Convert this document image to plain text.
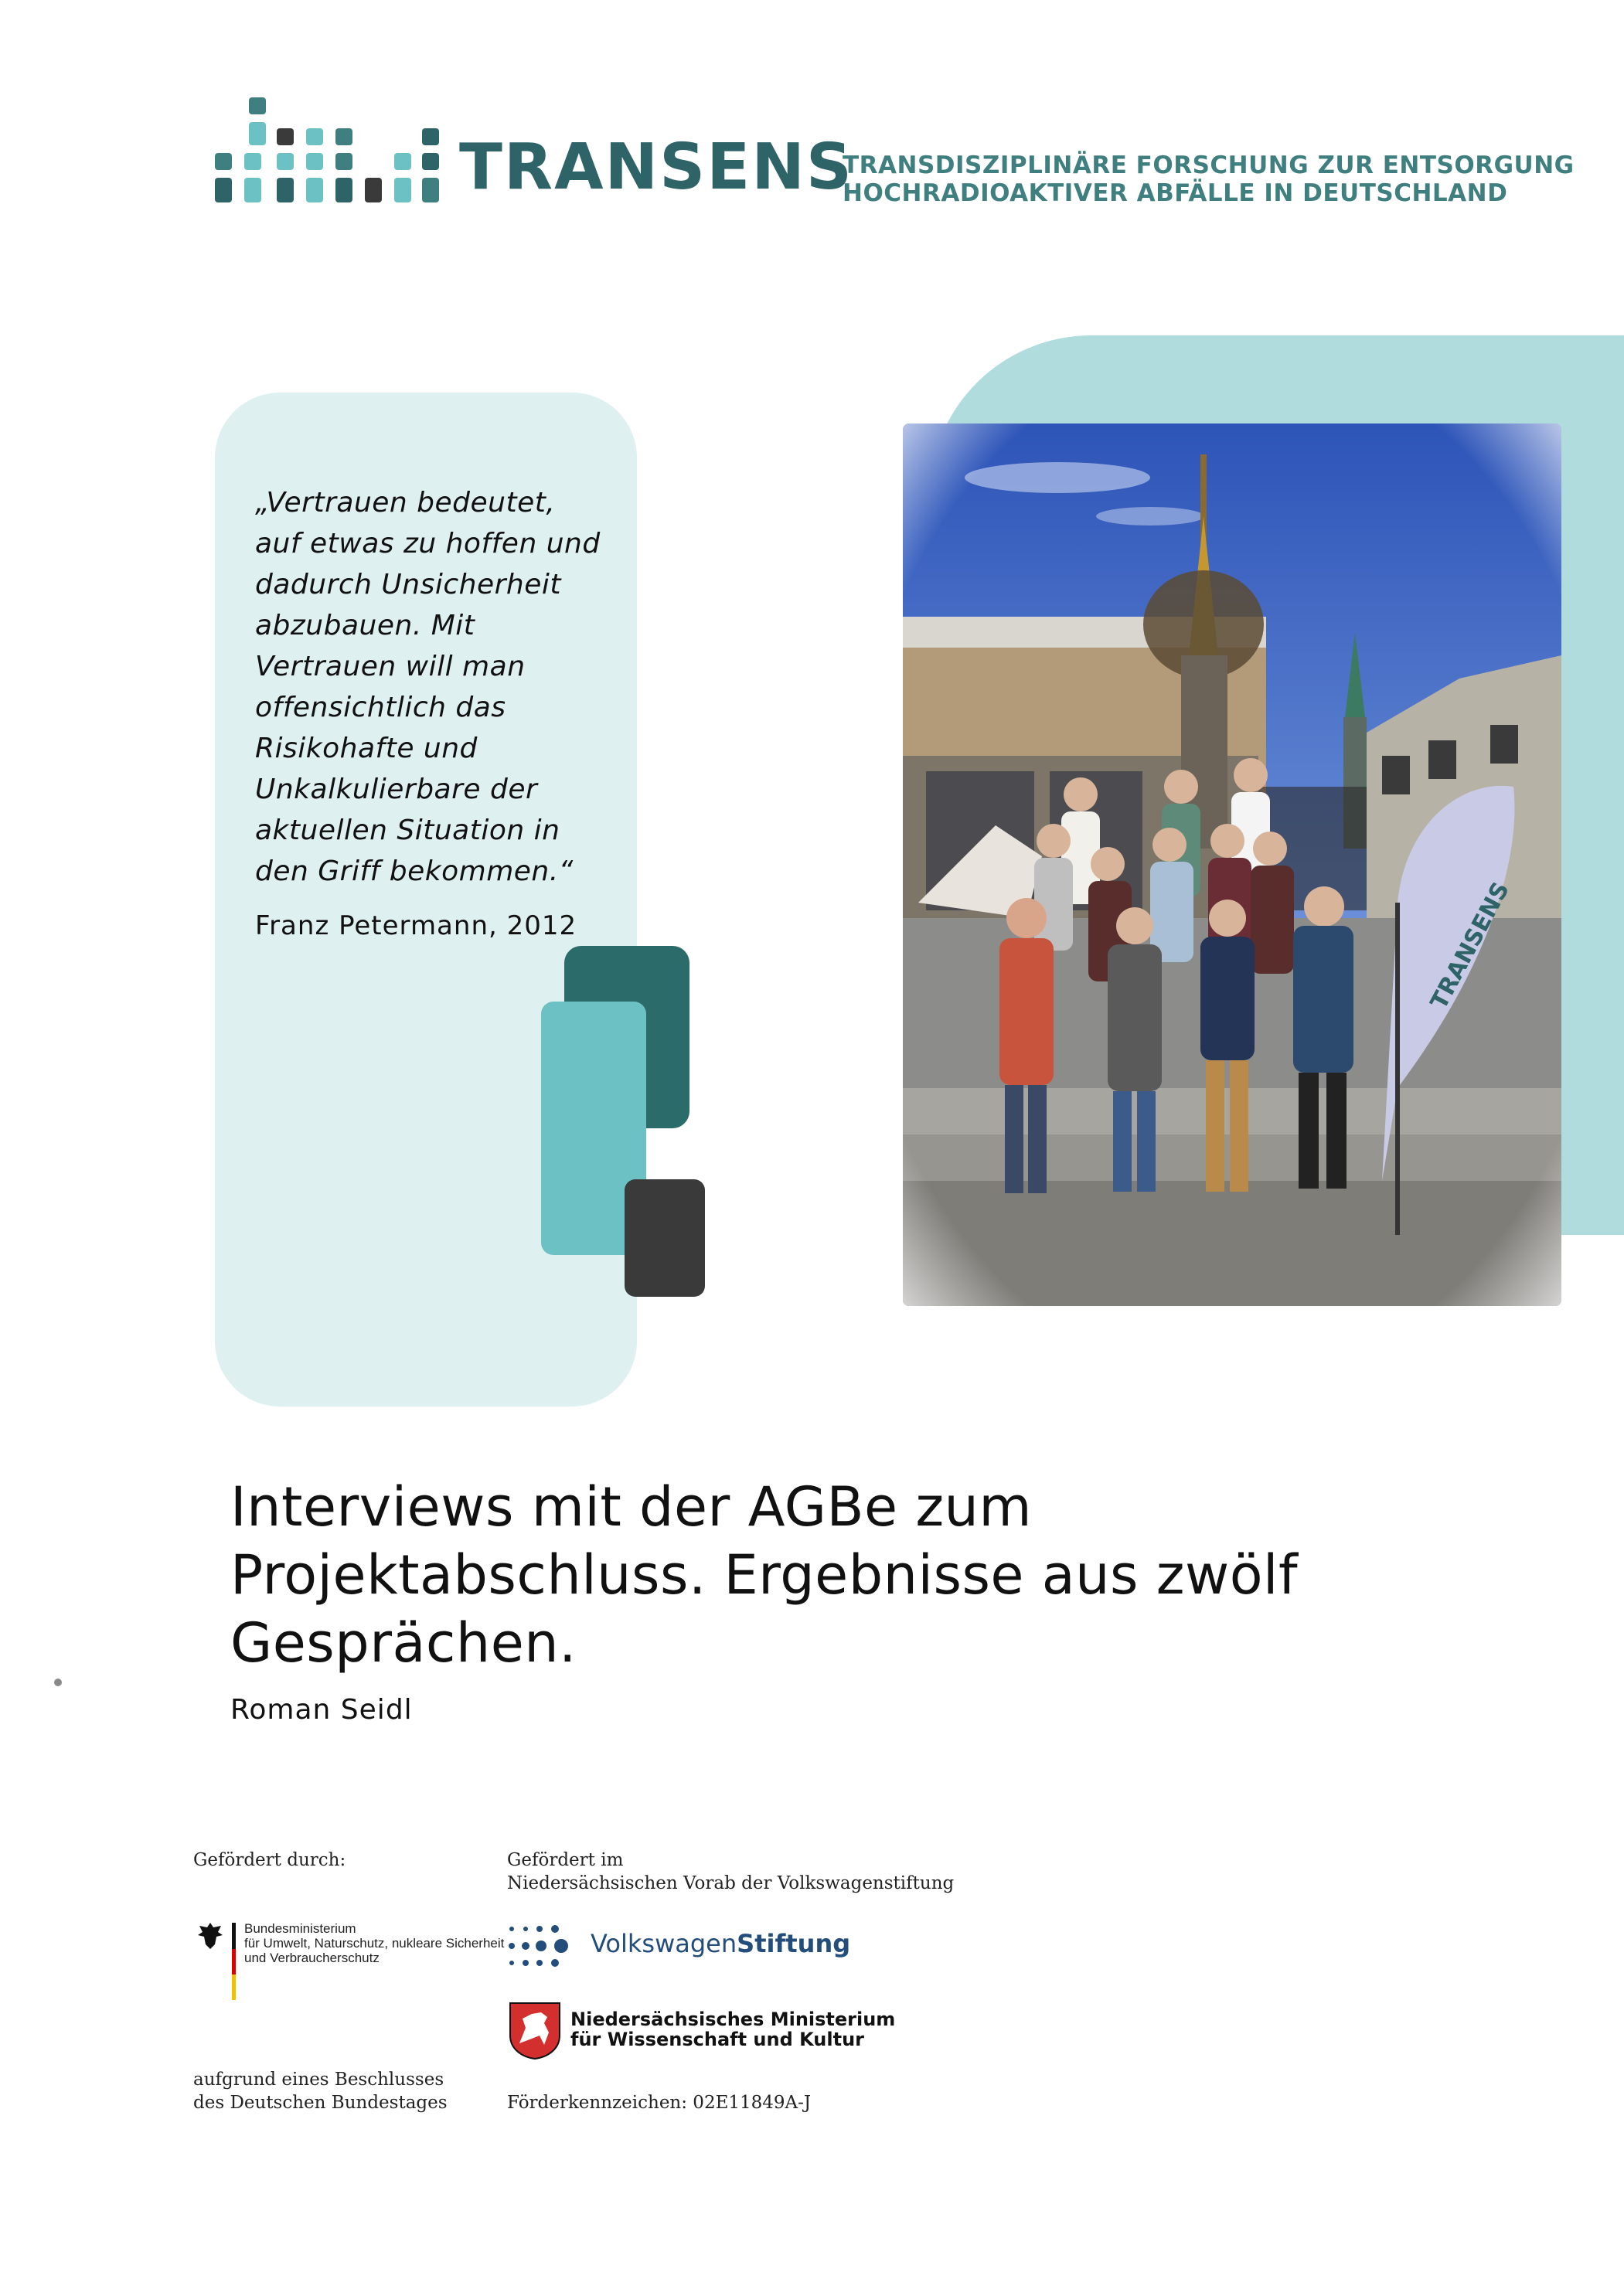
TRANSENS
TRANSDISZIPLINÄRE FORSCHUNG ZUR ENTSORGUNG
HOCHRADIOAKTIVER ABFÄLLE IN DEUTSCHLAND
„Vertrauen bedeutet,
auf etwas zu hoffen und
dadurch Unsicherheit
abzubauen. Mit
Vertrauen will man
offensichtlich das
Risikohafte und
Unkalkulierbare der
aktuellen Situation in
den Griff bekommen.“
Franz Petermann, 2012
Interviews mit der AGBe zum
Projektabschluss. Ergebnisse aus zwölf
Gesprächen.
Roman Seidl
Gefördert durch:
Bundesministerium
für Umwelt, Naturschutz, nukleare Sicherheit
und Verbraucherschutz
aufgrund eines Beschlusses
des Deutschen Bundestages
Gefördert im
Niedersächsischen Vorab der Volkswagenstiftung
VolkswagenStiftung
Niedersächsisches Ministerium
für Wissenschaft und Kultur
Förderkennzeichen: 02E11849A-J
